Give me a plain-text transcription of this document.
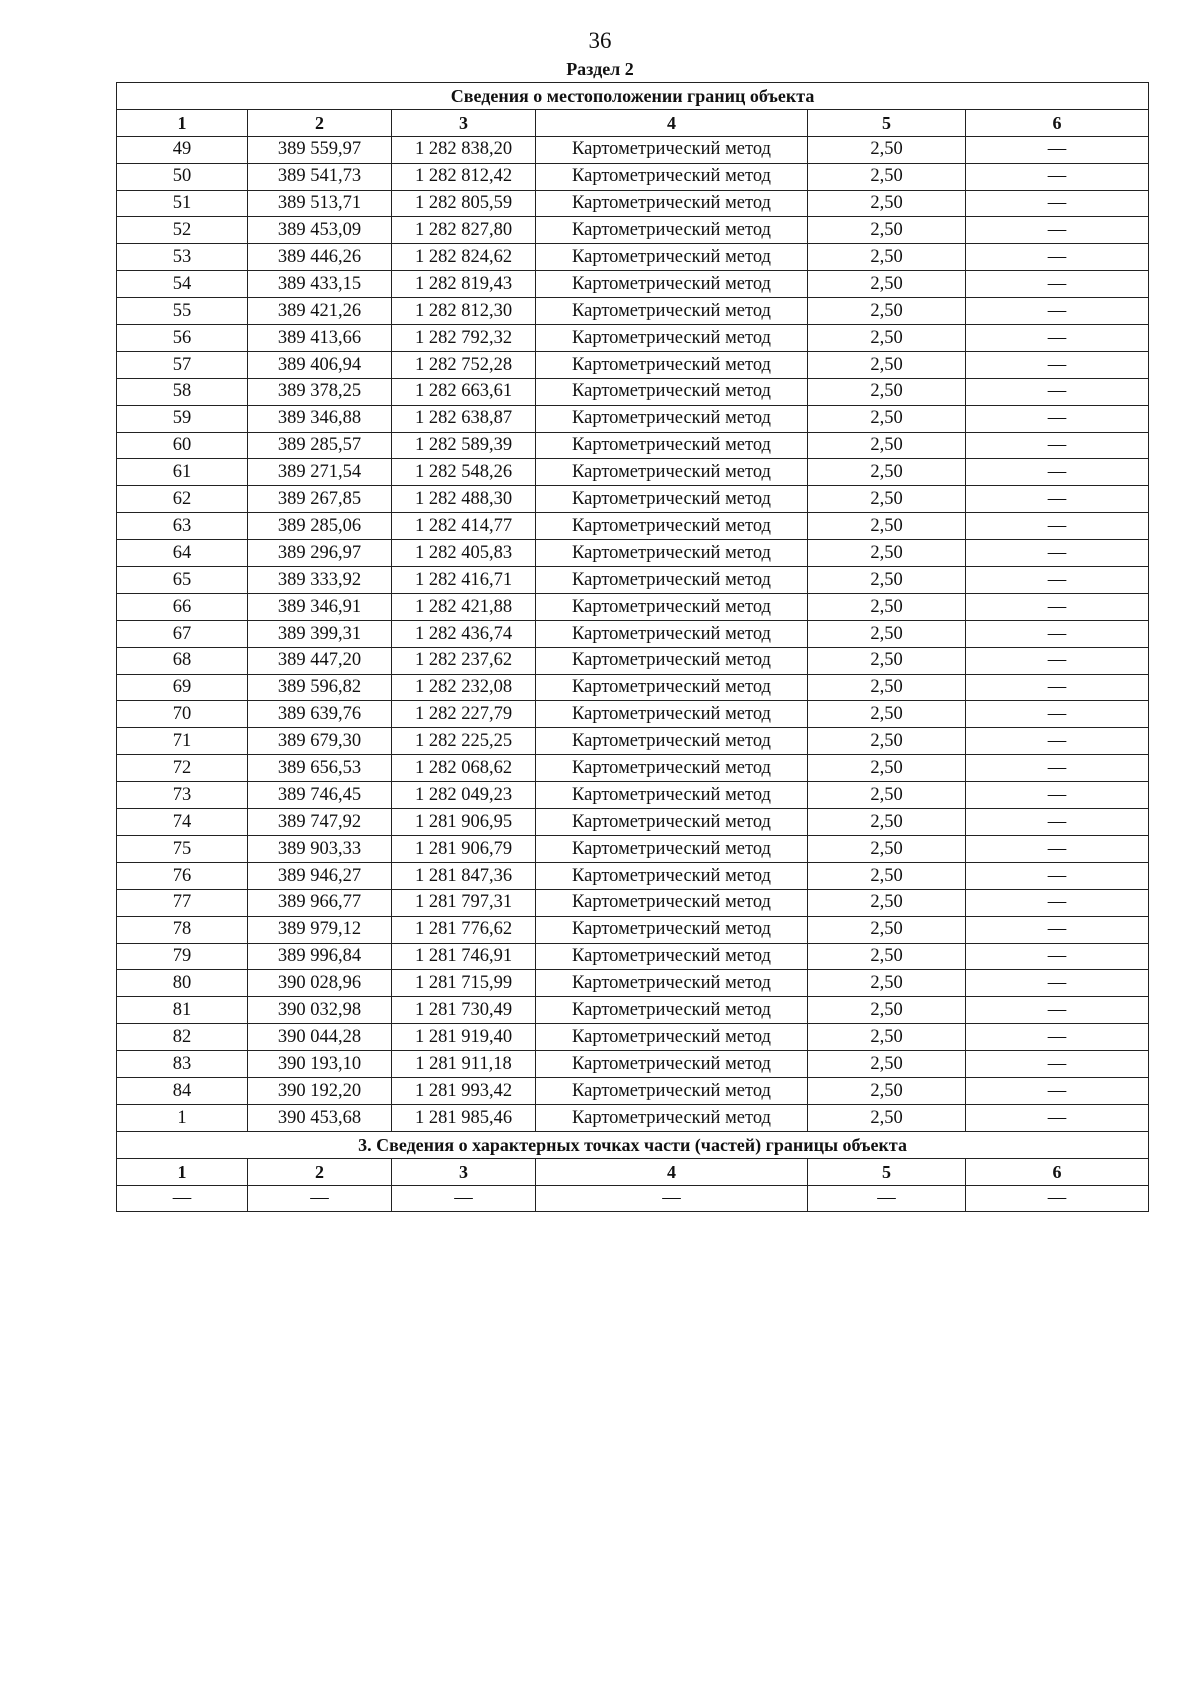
36
Раздел 2
Сведения о местоположении границ объекта					
1	2	3	4	5	6
49	389 559,97	1 282 838,20	Картометрический метод	2,50	—
50	389 541,73	1 282 812,42	Картометрический метод	2,50	—
51	389 513,71	1 282 805,59	Картометрический метод	2,50	—
52	389 453,09	1 282 827,80	Картометрический метод	2,50	—
53	389 446,26	1 282 824,62	Картометрический метод	2,50	—
54	389 433,15	1 282 819,43	Картометрический метод	2,50	—
55	389 421,26	1 282 812,30	Картометрический метод	2,50	—
56	389 413,66	1 282 792,32	Картометрический метод	2,50	—
57	389 406,94	1 282 752,28	Картометрический метод	2,50	—
58	389 378,25	1 282 663,61	Картометрический метод	2,50	—
59	389 346,88	1 282 638,87	Картометрический метод	2,50	—
60	389 285,57	1 282 589,39	Картометрический метод	2,50	—
61	389 271,54	1 282 548,26	Картометрический метод	2,50	—
62	389 267,85	1 282 488,30	Картометрический метод	2,50	—
63	389 285,06	1 282 414,77	Картометрический метод	2,50	—
64	389 296,97	1 282 405,83	Картометрический метод	2,50	—
65	389 333,92	1 282 416,71	Картометрический метод	2,50	—
66	389 346,91	1 282 421,88	Картометрический метод	2,50	—
67	389 399,31	1 282 436,74	Картометрический метод	2,50	—
68	389 447,20	1 282 237,62	Картометрический метод	2,50	—
69	389 596,82	1 282 232,08	Картометрический метод	2,50	—
70	389 639,76	1 282 227,79	Картометрический метод	2,50	—
71	389 679,30	1 282 225,25	Картометрический метод	2,50	—
72	389 656,53	1 282 068,62	Картометрический метод	2,50	—
73	389 746,45	1 282 049,23	Картометрический метод	2,50	—
74	389 747,92	1 281 906,95	Картометрический метод	2,50	—
75	389 903,33	1 281 906,79	Картометрический метод	2,50	—
76	389 946,27	1 281 847,36	Картометрический метод	2,50	—
77	389 966,77	1 281 797,31	Картометрический метод	2,50	—
78	389 979,12	1 281 776,62	Картометрический метод	2,50	—
79	389 996,84	1 281 746,91	Картометрический метод	2,50	—
80	390 028,96	1 281 715,99	Картометрический метод	2,50	—
81	390 032,98	1 281 730,49	Картометрический метод	2,50	—
82	390 044,28	1 281 919,40	Картометрический метод	2,50	—
83	390 193,10	1 281 911,18	Картометрический метод	2,50	—
84	390 192,20	1 281 993,42	Картометрический метод	2,50	—
1	390 453,68	1 281 985,46	Картометрический метод	2,50	—
3. Сведения о характерных точках части (частей) границы объекта					
1	2	3	4	5	6
—	—	—	—	—	—
